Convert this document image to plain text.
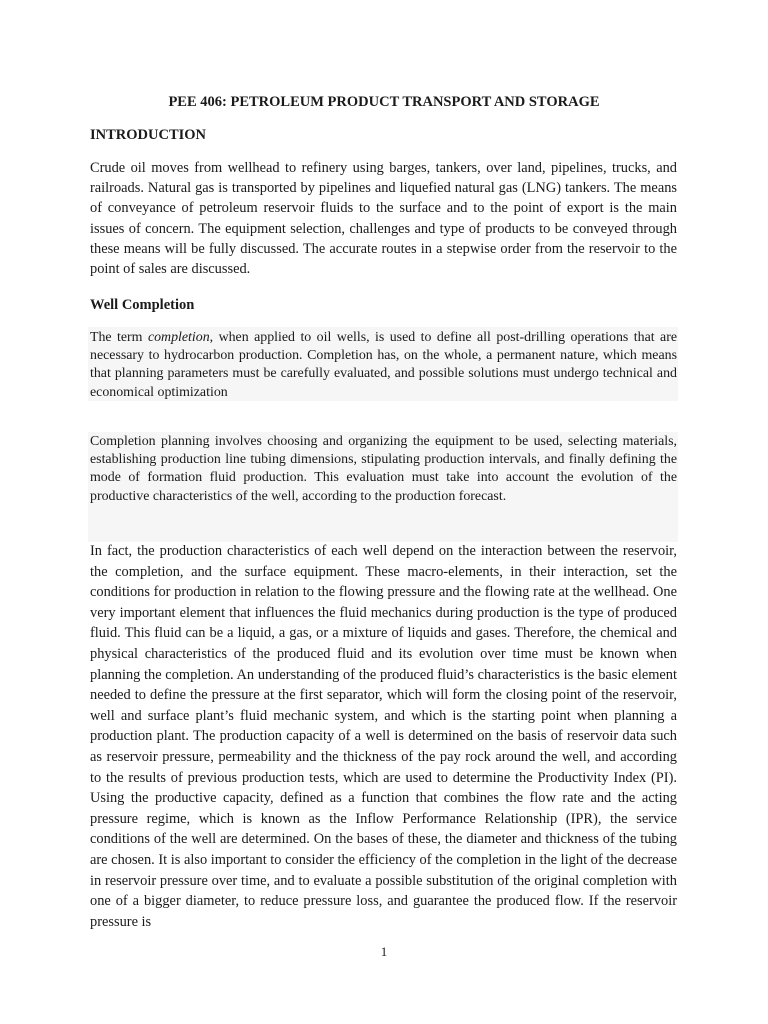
PEE 406: PETROLEUM PRODUCT TRANSPORT AND STORAGE
INTRODUCTION

Crude oil moves from wellhead to refinery using barges, tankers, over land, pipelines, trucks, and railroads. Natural gas is transported by pipelines and liquefied natural gas (LNG) tankers. The means of conveyance of petroleum reservoir fluids to the surface and to the point of export is the main issues of concern. The equipment selection, challenges and type of products to be conveyed through these means will be fully discussed. The accurate routes in a stepwise order from the reservoir to the point of sales are discussed.

Well Completion

The term completion, when applied to oil wells, is used to define all post-drilling operations that are necessary to hydrocarbon production. Completion has, on the whole, a permanent nature, which means that planning parameters must be carefully evaluated, and possible solutions must undergo technical and economical optimization

Completion planning involves choosing and organizing the equipment to be used, selecting materials, establishing production line tubing dimensions, stipulating production intervals, and finally defining the mode of formation fluid production. This evaluation must take into account the evolution of the productive characteristics of the well, according to the production forecast.

In fact, the production characteristics of each well depend on the interaction between the reservoir, the completion, and the surface equipment. These macro-elements, in their interaction, set the conditions for production in relation to the flowing pressure and the flowing rate at the wellhead. One very important element that influences the fluid mechanics during production is the type of produced fluid. This fluid can be a liquid, a gas, or a mixture of liquids and gases. Therefore, the chemical and physical characteristics of the produced fluid and its evolution over time must be known when planning the completion. An understanding of the produced fluid’s characteristics is the basic element needed to define the pressure at the first separator, which will form the closing point of the reservoir, well and surface plant’s fluid mechanic system, and which is the starting point when planning a production plant. The production capacity of a well is determined on the basis of reservoir data such as reservoir pressure, permeability and the thickness of the pay rock around the well, and according to the results of previous production tests, which are used to determine the Productivity Index (PI). Using the productive capacity, defined as a function that combines the flow rate and the acting pressure regime, which is known as the Inflow Performance Relationship (IPR), the service conditions of the well are determined. On the bases of these, the diameter and thickness of the tubing are chosen. It is also important to consider the efficiency of the completion in the light of the decrease in reservoir pressure over time, and to evaluate a possible substitution of the original completion with one of a bigger diameter, to reduce pressure loss, and guarantee the produced flow. If the reservoir pressure is

1
